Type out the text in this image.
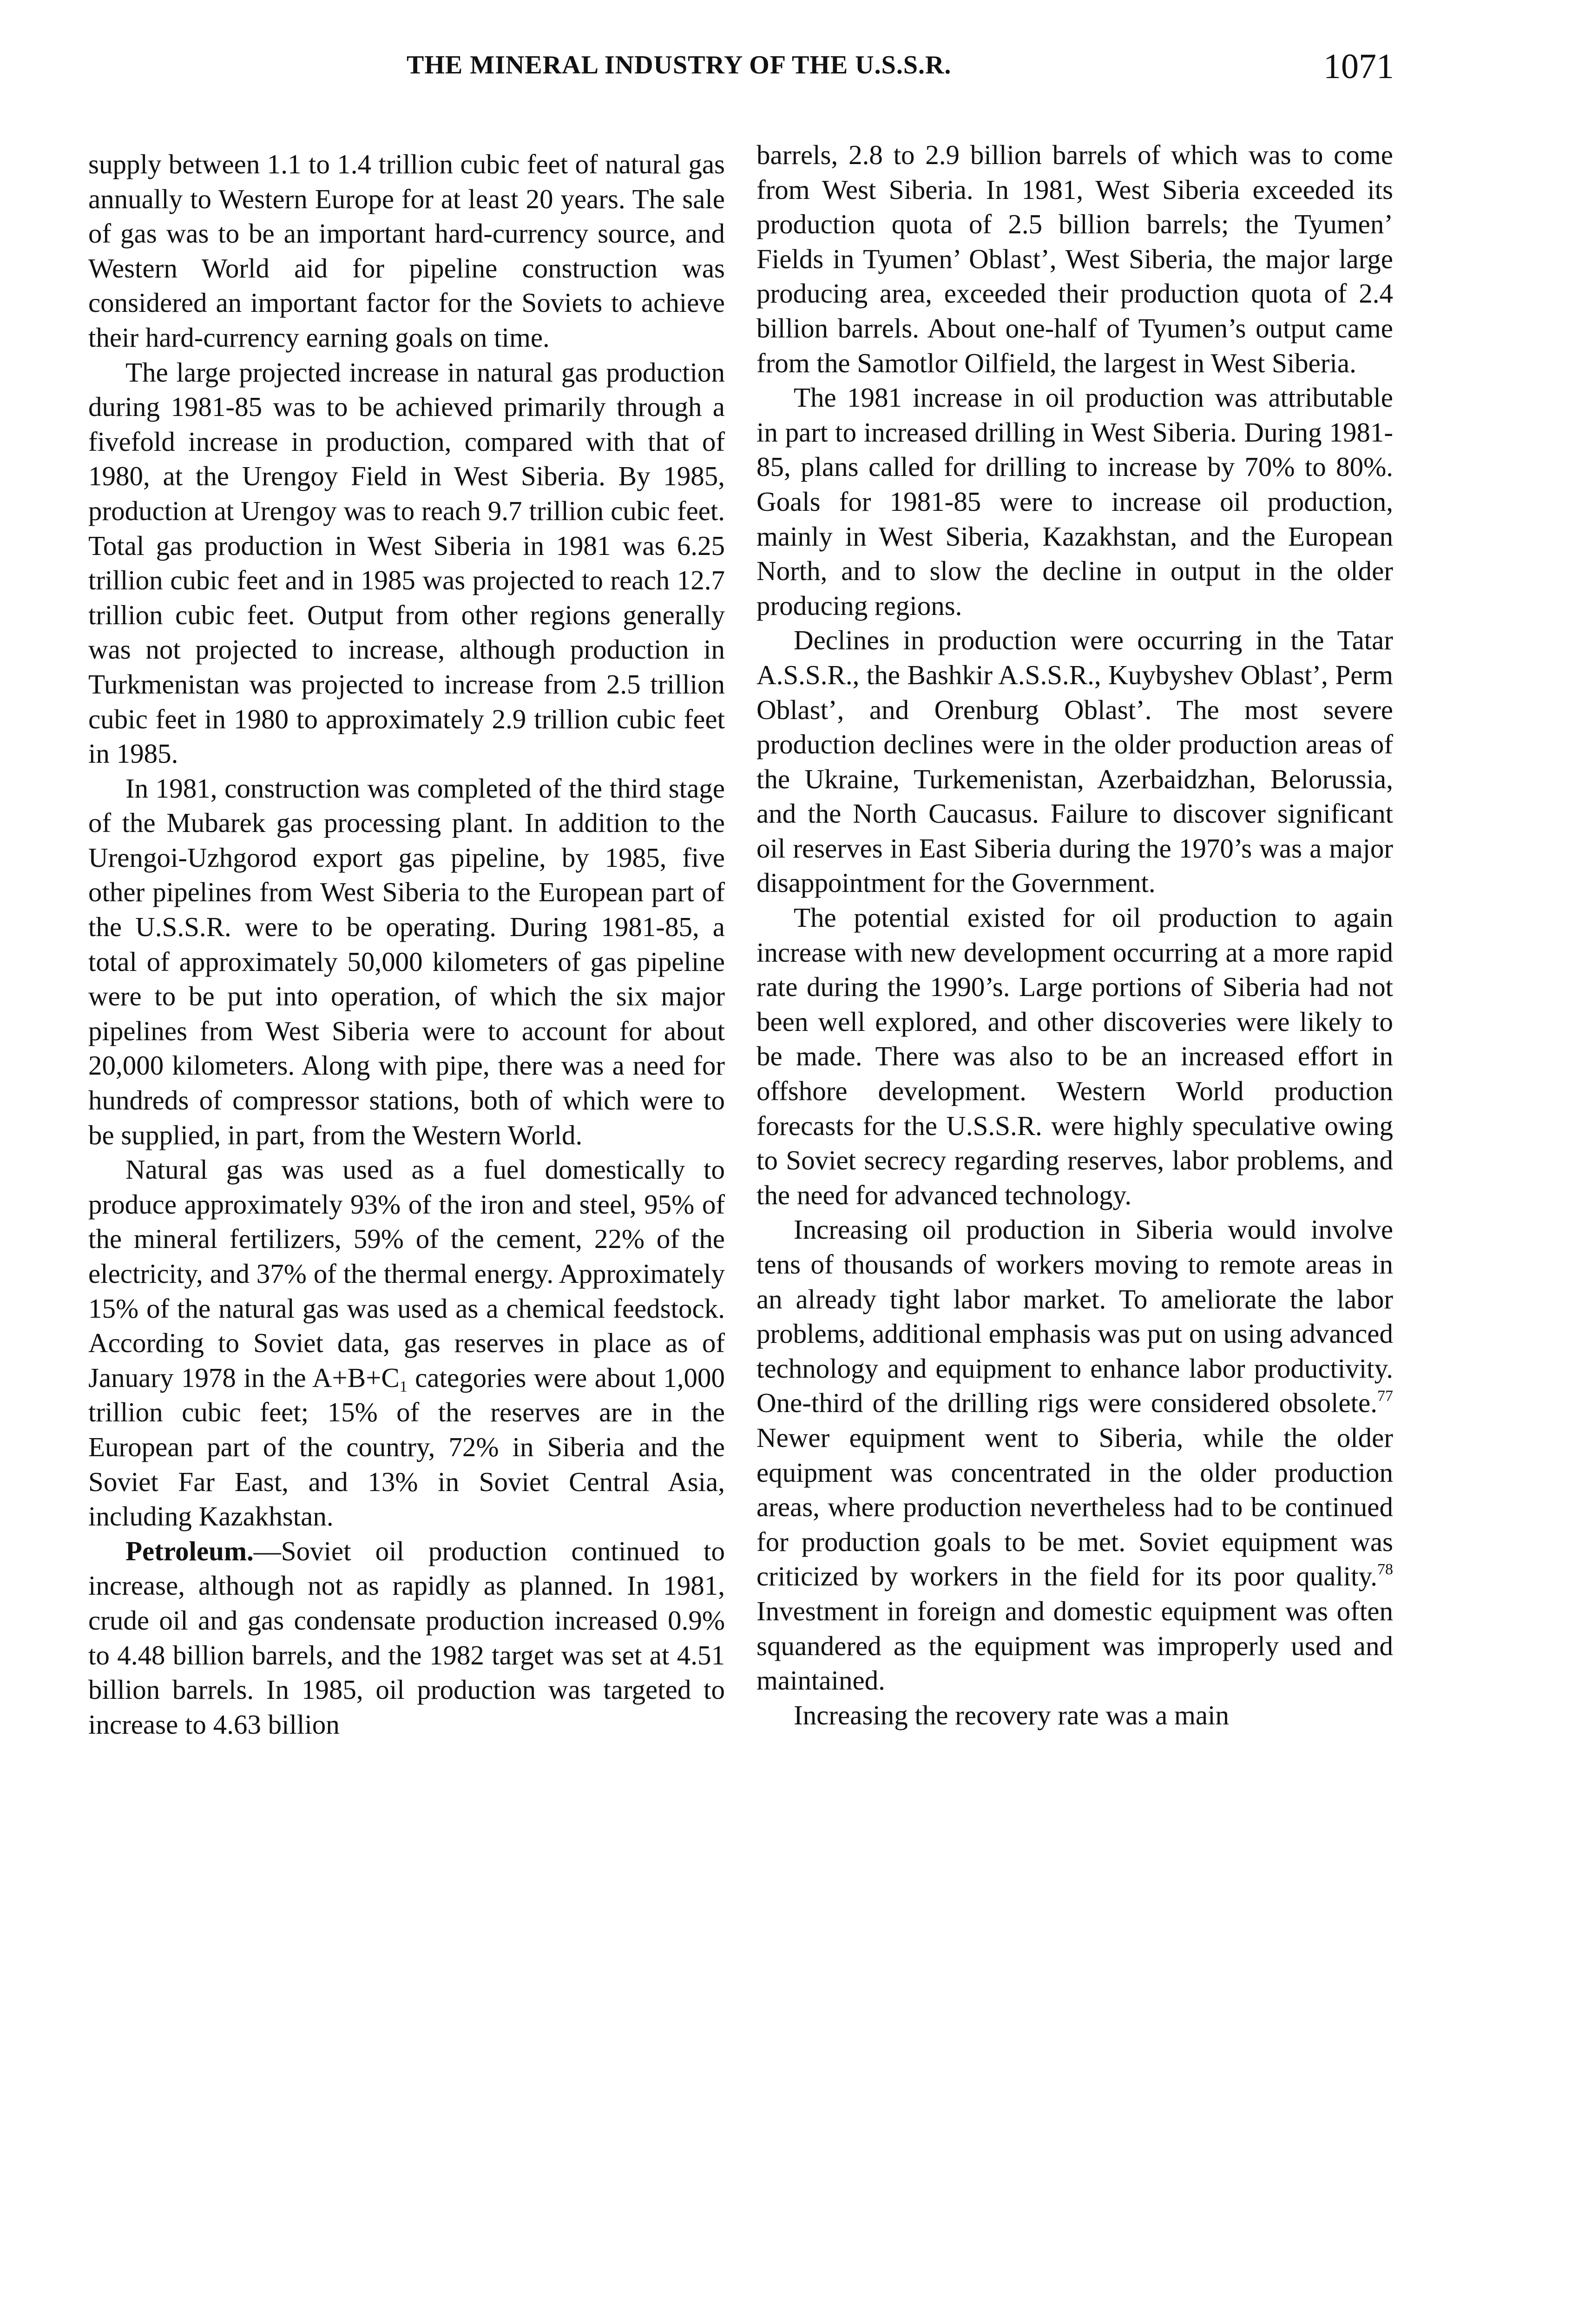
THE MINERAL INDUSTRY OF THE U.S.S.R.	1071

supply between 1.1 to 1.4 trillion cubic feet of natural gas annually to Western Europe for at least 20 years. The sale of gas was to be an important hard-currency source, and Western World aid for pipeline construction was considered an important factor for the Soviets to achieve their hard-currency earning goals on time.

The large projected increase in natural gas production during 1981-85 was to be achieved primarily through a fivefold increase in production, compared with that of 1980, at the Urengoy Field in West Siberia. By 1985, production at Urengoy was to reach 9.7 trillion cubic feet. Total gas production in West Siberia in 1981 was 6.25 trillion cubic feet and in 1985 was projected to reach 12.7 trillion cubic feet. Output from other regions generally was not projected to increase, although production in Turkmenistan was projected to increase from 2.5 trillion cubic feet in 1980 to approximately 2.9 trillion cubic feet in 1985.

In 1981, construction was completed of the third stage of the Mubarek gas processing plant. In addition to the Urengoi-Uzhgorod export gas pipeline, by 1985, five other pipelines from West Siberia to the European part of the U.S.S.R. were to be operating. During 1981-85, a total of approximately 50,000 kilometers of gas pipeline were to be put into operation, of which the six major pipelines from West Siberia were to account for about 20,000 kilometers. Along with pipe, there was a need for hundreds of compressor stations, both of which were to be supplied, in part, from the Western World.

Natural gas was used as a fuel domestically to produce approximately 93% of the iron and steel, 95% of the mineral fertilizers, 59% of the cement, 22% of the electricity, and 37% of the thermal energy. Approximately 15% of the natural gas was used as a chemical feedstock. According to Soviet data, gas reserves in place as of January 1978 in the $A+B+C_1$ categories were about 1,000 trillion cubic feet; 15% of the reserves are in the European part of the country, 72% in Siberia and the Soviet Far East, and 13% in Soviet Central Asia, including Kazakhstan.

Petroleum.—Soviet oil production continued to increase, although not as rapidly as planned. In 1981, crude oil and gas condensate production increased 0.9% to 4.48 billion barrels, and the 1982 target was set at 4.51 billion barrels. In 1985, oil production was targeted to increase to 4.63 billion

barrels, 2.8 to 2.9 billion barrels of which was to come from West Siberia. In 1981, West Siberia exceeded its production quota of 2.5 billion barrels; the Tyumen’ Fields in Tyumen’ Oblast’, West Siberia, the major large producing area, exceeded their production quota of 2.4 billion barrels. About one-half of Tyumen’s output came from the Samotlor Oilfield, the largest in West Siberia.

The 1981 increase in oil production was attributable in part to increased drilling in West Siberia. During 1981-85, plans called for drilling to increase by 70% to 80%. Goals for 1981-85 were to increase oil production, mainly in West Siberia, Kazakhstan, and the European North, and to slow the decline in output in the older producing regions.

Declines in production were occurring in the Tatar A.S.S.R., the Bashkir A.S.S.R., Kuybyshev Oblast’, Perm Oblast’, and Orenburg Oblast’. The most severe production declines were in the older production areas of the Ukraine, Turkemenistan, Azerbaidzhan, Belorussia, and the North Caucasus. Failure to discover significant oil reserves in East Siberia during the 1970’s was a major disappointment for the Government.

The potential existed for oil production to again increase with new development occurring at a more rapid rate during the 1990’s. Large portions of Siberia had not been well explored, and other discoveries were likely to be made. There was also to be an increased effort in offshore development. Western World production forecasts for the U.S.S.R. were highly speculative owing to Soviet secrecy regarding reserves, labor problems, and the need for advanced technology.

Increasing oil production in Siberia would involve tens of thousands of workers moving to remote areas in an already tight labor market. To ameliorate the labor problems, additional emphasis was put on using advanced technology and equipment to enhance labor productivity. One-third of the drilling rigs were considered obsolete.$^{77}$ Newer equipment went to Siberia, while the older equipment was concentrated in the older production areas, where production nevertheless had to be continued for production goals to be met. Soviet equipment was criticized by workers in the field for its poor quality.$^{78}$ Investment in foreign and domestic equipment was often squandered as the equipment was improperly used and maintained.

Increasing the recovery rate was a main
